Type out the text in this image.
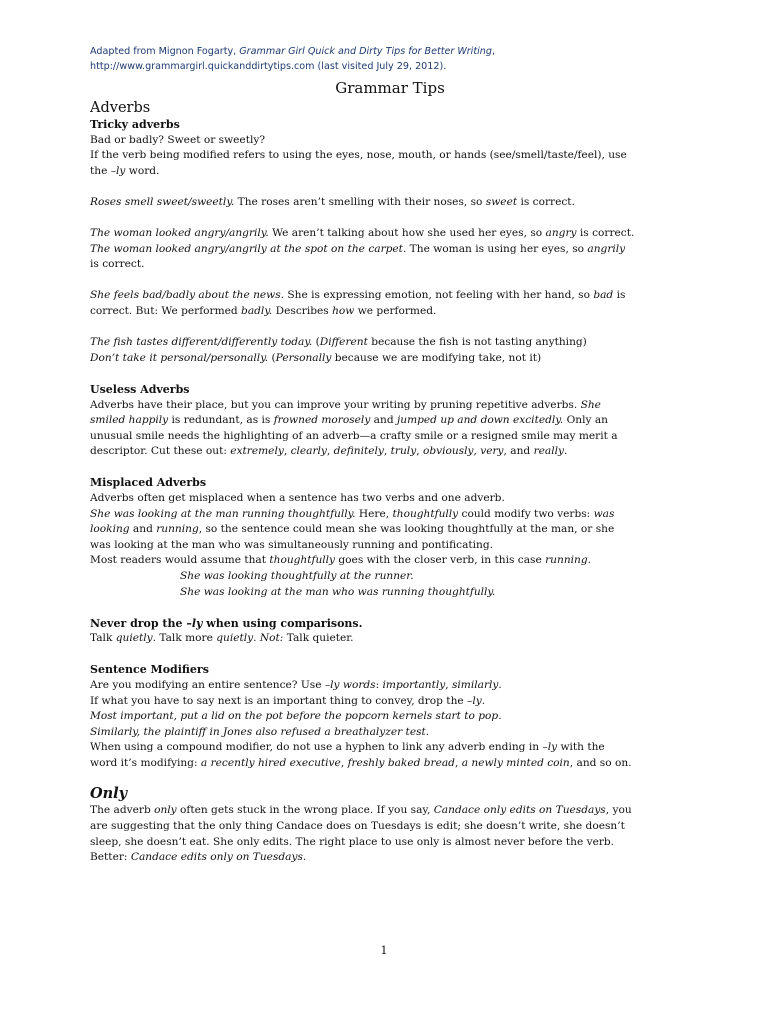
Adapted from Mignon Fogarty, Grammar Girl Quick and Dirty Tips for Better Writing,
http://www.grammargirl.quickanddirtytips.com (last visited July 29, 2012).
Grammar Tips
Adverbs
Tricky adverbs

Bad or badly? Sweet or sweetly?

If the verb being modified refers to using the eyes, nose, mouth, or hands (see/smell/taste/feel), use

the –ly word.

Roses smell sweet/sweetly. The roses aren’t smelling with their noses, so sweet is correct.

The woman looked angry/angrily. We aren’t talking about how she used her eyes, so angry is correct.

The woman looked angry/angrily at the spot on the carpet. The woman is using her eyes, so angrily

is correct.

She feels bad/badly about the news. She is expressing emotion, not feeling with her hand, so bad is

correct. But: We performed badly. Describes how we performed.

The fish tastes different/differently today. (Different because the fish is not tasting anything)

Don’t take it personal/personally. (Personally because we are modifying take, not it)

Useless Adverbs

Adverbs have their place, but you can improve your writing by pruning repetitive adverbs. She

smiled happily is redundant, as is frowned morosely and jumped up and down excitedly. Only an

unusual smile needs the highlighting of an adverb—a crafty smile or a resigned smile may merit a

descriptor. Cut these out: extremely, clearly, definitely, truly, obviously, very, and really.

Misplaced Adverbs

Adverbs often get misplaced when a sentence has two verbs and one adverb.

She was looking at the man running thoughtfully. Here, thoughtfully could modify two verbs: was

looking and running, so the sentence could mean she was looking thoughtfully at the man, or she

was looking at the man who was simultaneously running and pontificating.

Most readers would assume that thoughtfully goes with the closer verb, in this case running.

She was looking thoughtfully at the runner.

She was looking at the man who was running thoughtfully.

Never drop the –ly when using comparisons.

Talk quietly. Talk more quietly. Not: Talk quieter.

Sentence Modifiers

Are you modifying an entire sentence? Use –ly words: importantly, similarly.

If what you have to say next is an important thing to convey, drop the –ly.

Most important, put a lid on the pot before the popcorn kernels start to pop.

Similarly, the plaintiff in Jones also refused a breathalyzer test.

When using a compound modifier, do not use a hyphen to link any adverb ending in –ly with the

word it’s modifying: a recently hired executive, freshly baked bread, a newly minted coin, and so on.

Only

The adverb only often gets stuck in the wrong place. If you say, Candace only edits on Tuesdays, you

are suggesting that the only thing Candace does on Tuesdays is edit; she doesn’t write, she doesn’t

sleep, she doesn’t eat. She only edits. The right place to use only is almost never before the verb.

Better: Candace edits only on Tuesdays.

1
